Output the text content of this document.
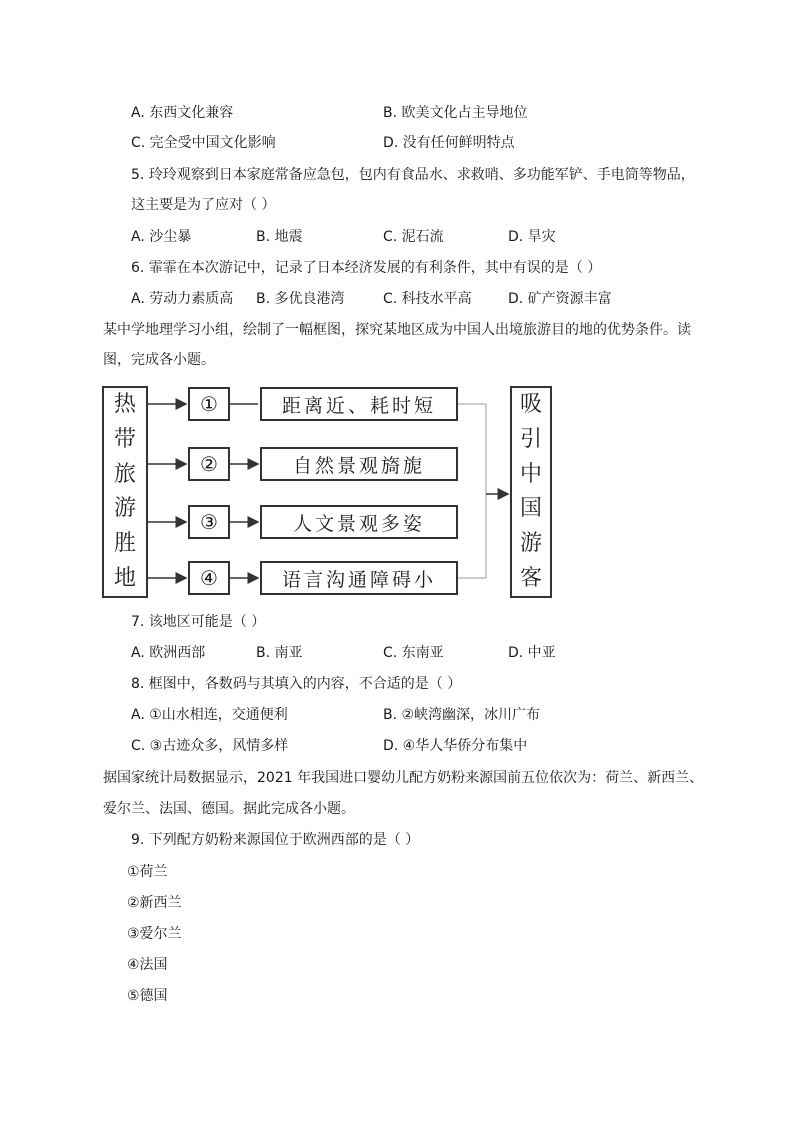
A. 东西文化兼容	B. 欧美文化占主导地位
C. 完全受中国文化影响	D. 没有任何鲜明特点
5. 玲玲观察到日本家庭常备应急包，包内有食品水、求救哨、多功能军铲、手电筒等物品，
这主要是为了应对（ ）
A. 沙尘暴	B. 地震	C. 泥石流	D. 旱灾
6. 霏霏在本次游记中，记录了日本经济发展的有利条件，其中有误的是（ ）
A. 劳动力素质高 B. 多优良港湾	C. 科技水平高	D. 矿产资源丰富
某中学地理学习小组，绘制了一幅框图，探究某地区成为中国人出境旅游目的地的优势条件。读
图，完成各小题。
热
带
旅
游
胜
地
①
②
③
④
距离近、耗时短
自然景观旖旎
人文景观多姿
语言沟通障碍小
吸
引
中
国
游
客
7. 该地区可能是（ ）
A. 欧洲西部	B. 南亚	C. 东南亚	D. 中亚
8. 框图中，各数码与其填入的内容，不合适的是（ ）
A. ①山水相连，交通便利	B. ②峡湾幽深，冰川广布
C. ③古迹众多，风情多样	D. ④华人华侨分布集中
据国家统计局数据显示，2021 年我国进口婴幼儿配方奶粉来源国前五位依次为：荷兰、新西兰、
爱尔兰、法国、德国。据此完成各小题。
9. 下列配方奶粉来源国位于欧洲西部的是（ ）
①荷兰
②新西兰
③爱尔兰
④法国
⑤德国
